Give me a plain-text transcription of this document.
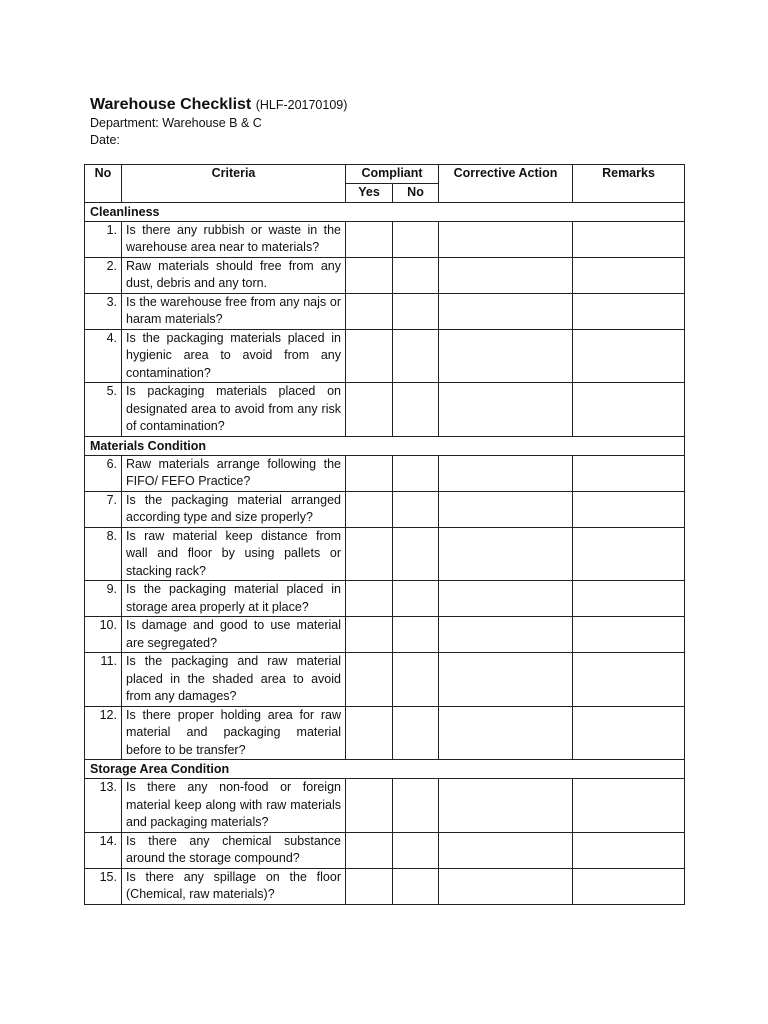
Warehouse Checklist (HLF-20170109)
Department: Warehouse B & C
Date:
No	Criteria	Compliant		Corrective Action	Remarks
		Yes	No		
Cleanliness					
1.	Is there any rubbish or waste in the warehouse area near to materials?				
2.	Raw materials should free from any dust, debris and any torn.				
3.	Is the warehouse free from any najs or haram materials?				
4.	Is the packaging materials placed in hygienic area to avoid from any contamination?				
5.	Is packaging materials placed on designated area to avoid from any risk of contamination?				
Materials Condition					
6.	Raw materials arrange following the FIFO/ FEFO Practice?				
7.	Is the packaging material arranged according type and size properly?				
8.	Is raw material keep distance from wall and floor by using pallets or stacking rack?				
9.	Is the packaging material placed in storage area properly at it place?				
10.	Is damage and good to use material are segregated?				
11.	Is the packaging and raw material placed in the shaded area to avoid from any damages?				
12.	Is there proper holding area for raw material and packaging material before to be transfer?				
Storage Area Condition					
13.	Is there any non-food or foreign material keep along with raw materials and packaging materials?				
14.	Is there any chemical substance around the storage compound?				
15.	Is there any spillage on the floor (Chemical, raw materials)?				
